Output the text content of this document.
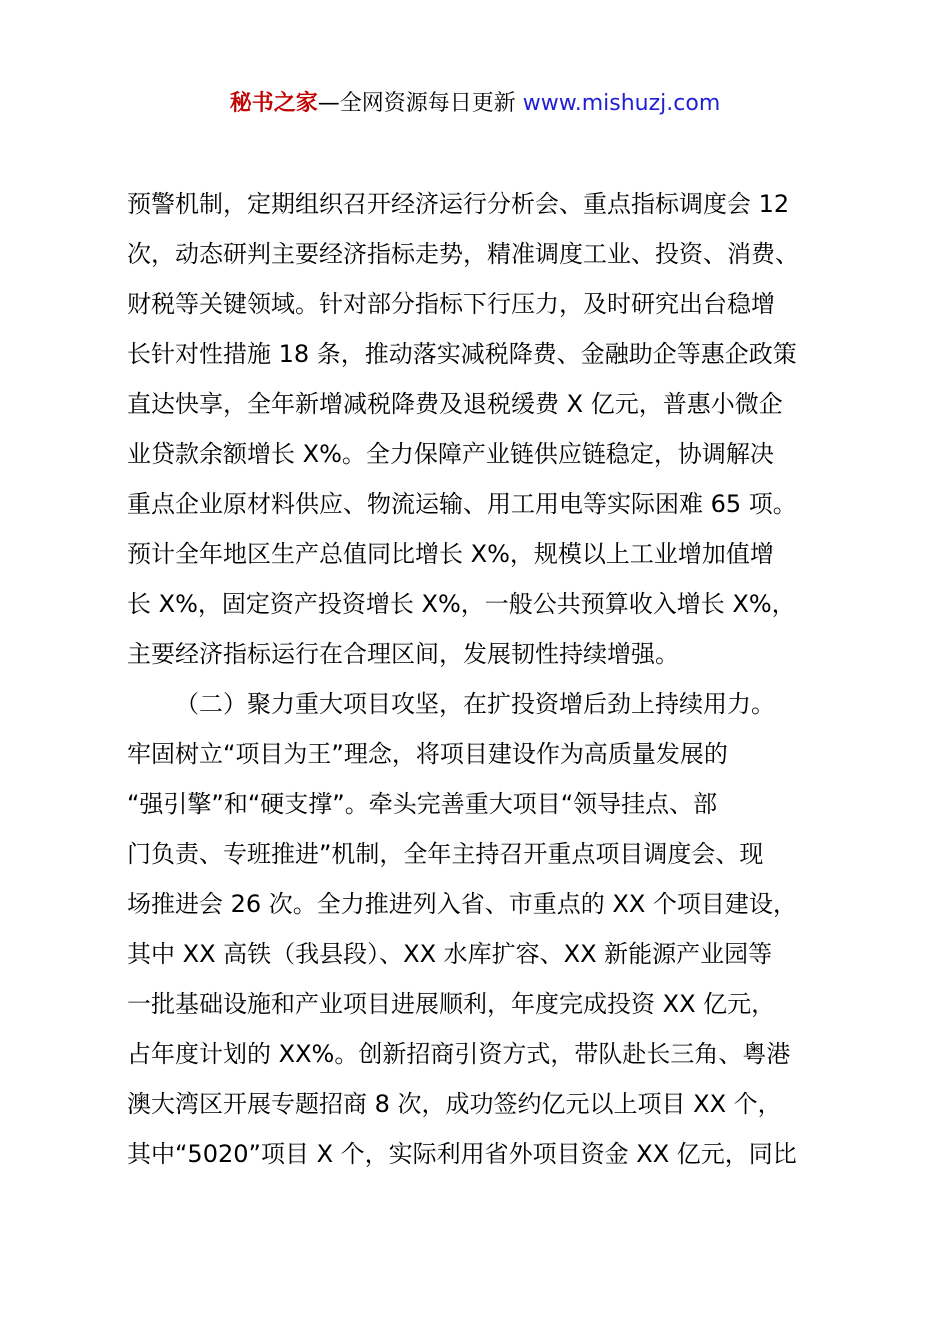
秘书之家—全网资源每日更新 www.mishuzj.com
预警机制，定期组织召开经济运行分析会、重点指标调度会 12
次，动态研判主要经济指标走势，精准调度工业、投资、消费、
财税等关键领域。针对部分指标下行压力，及时研究出台稳增
长针对性措施 18 条，推动落实减税降费、金融助企等惠企政策
直达快享，全年新增减税降费及退税缓费 X 亿元，普惠小微企
业贷款余额增长 X%。全力保障产业链供应链稳定，协调解决
重点企业原材料供应、物流运输、用工用电等实际困难 65 项。
预计全年地区生产总值同比增长 X%，规模以上工业增加值增
长 X%，固定资产投资增长 X%，一般公共预算收入增长 X%，
主要经济指标运行在合理区间，发展韧性持续增强。
（二）聚力重大项目攻坚，在扩投资增后劲上持续用力。
牢固树立“项目为王”理念，将项目建设作为高质量发展的
“强引擎”和“硬支撑”。牵头完善重大项目“领导挂点、部
门负责、专班推进”机制，全年主持召开重点项目调度会、现
场推进会 26 次。全力推进列入省、市重点的 XX 个项目建设，
其中 XX 高铁（我县段）、XX 水库扩容、XX 新能源产业园等
一批基础设施和产业项目进展顺利，年度完成投资 XX 亿元，
占年度计划的 XX%。创新招商引资方式，带队赴长三角、粤港
澳大湾区开展专题招商 8 次，成功签约亿元以上项目 XX 个，
其中“5020”项目 X 个，实际利用省外项目资金 XX 亿元，同比
